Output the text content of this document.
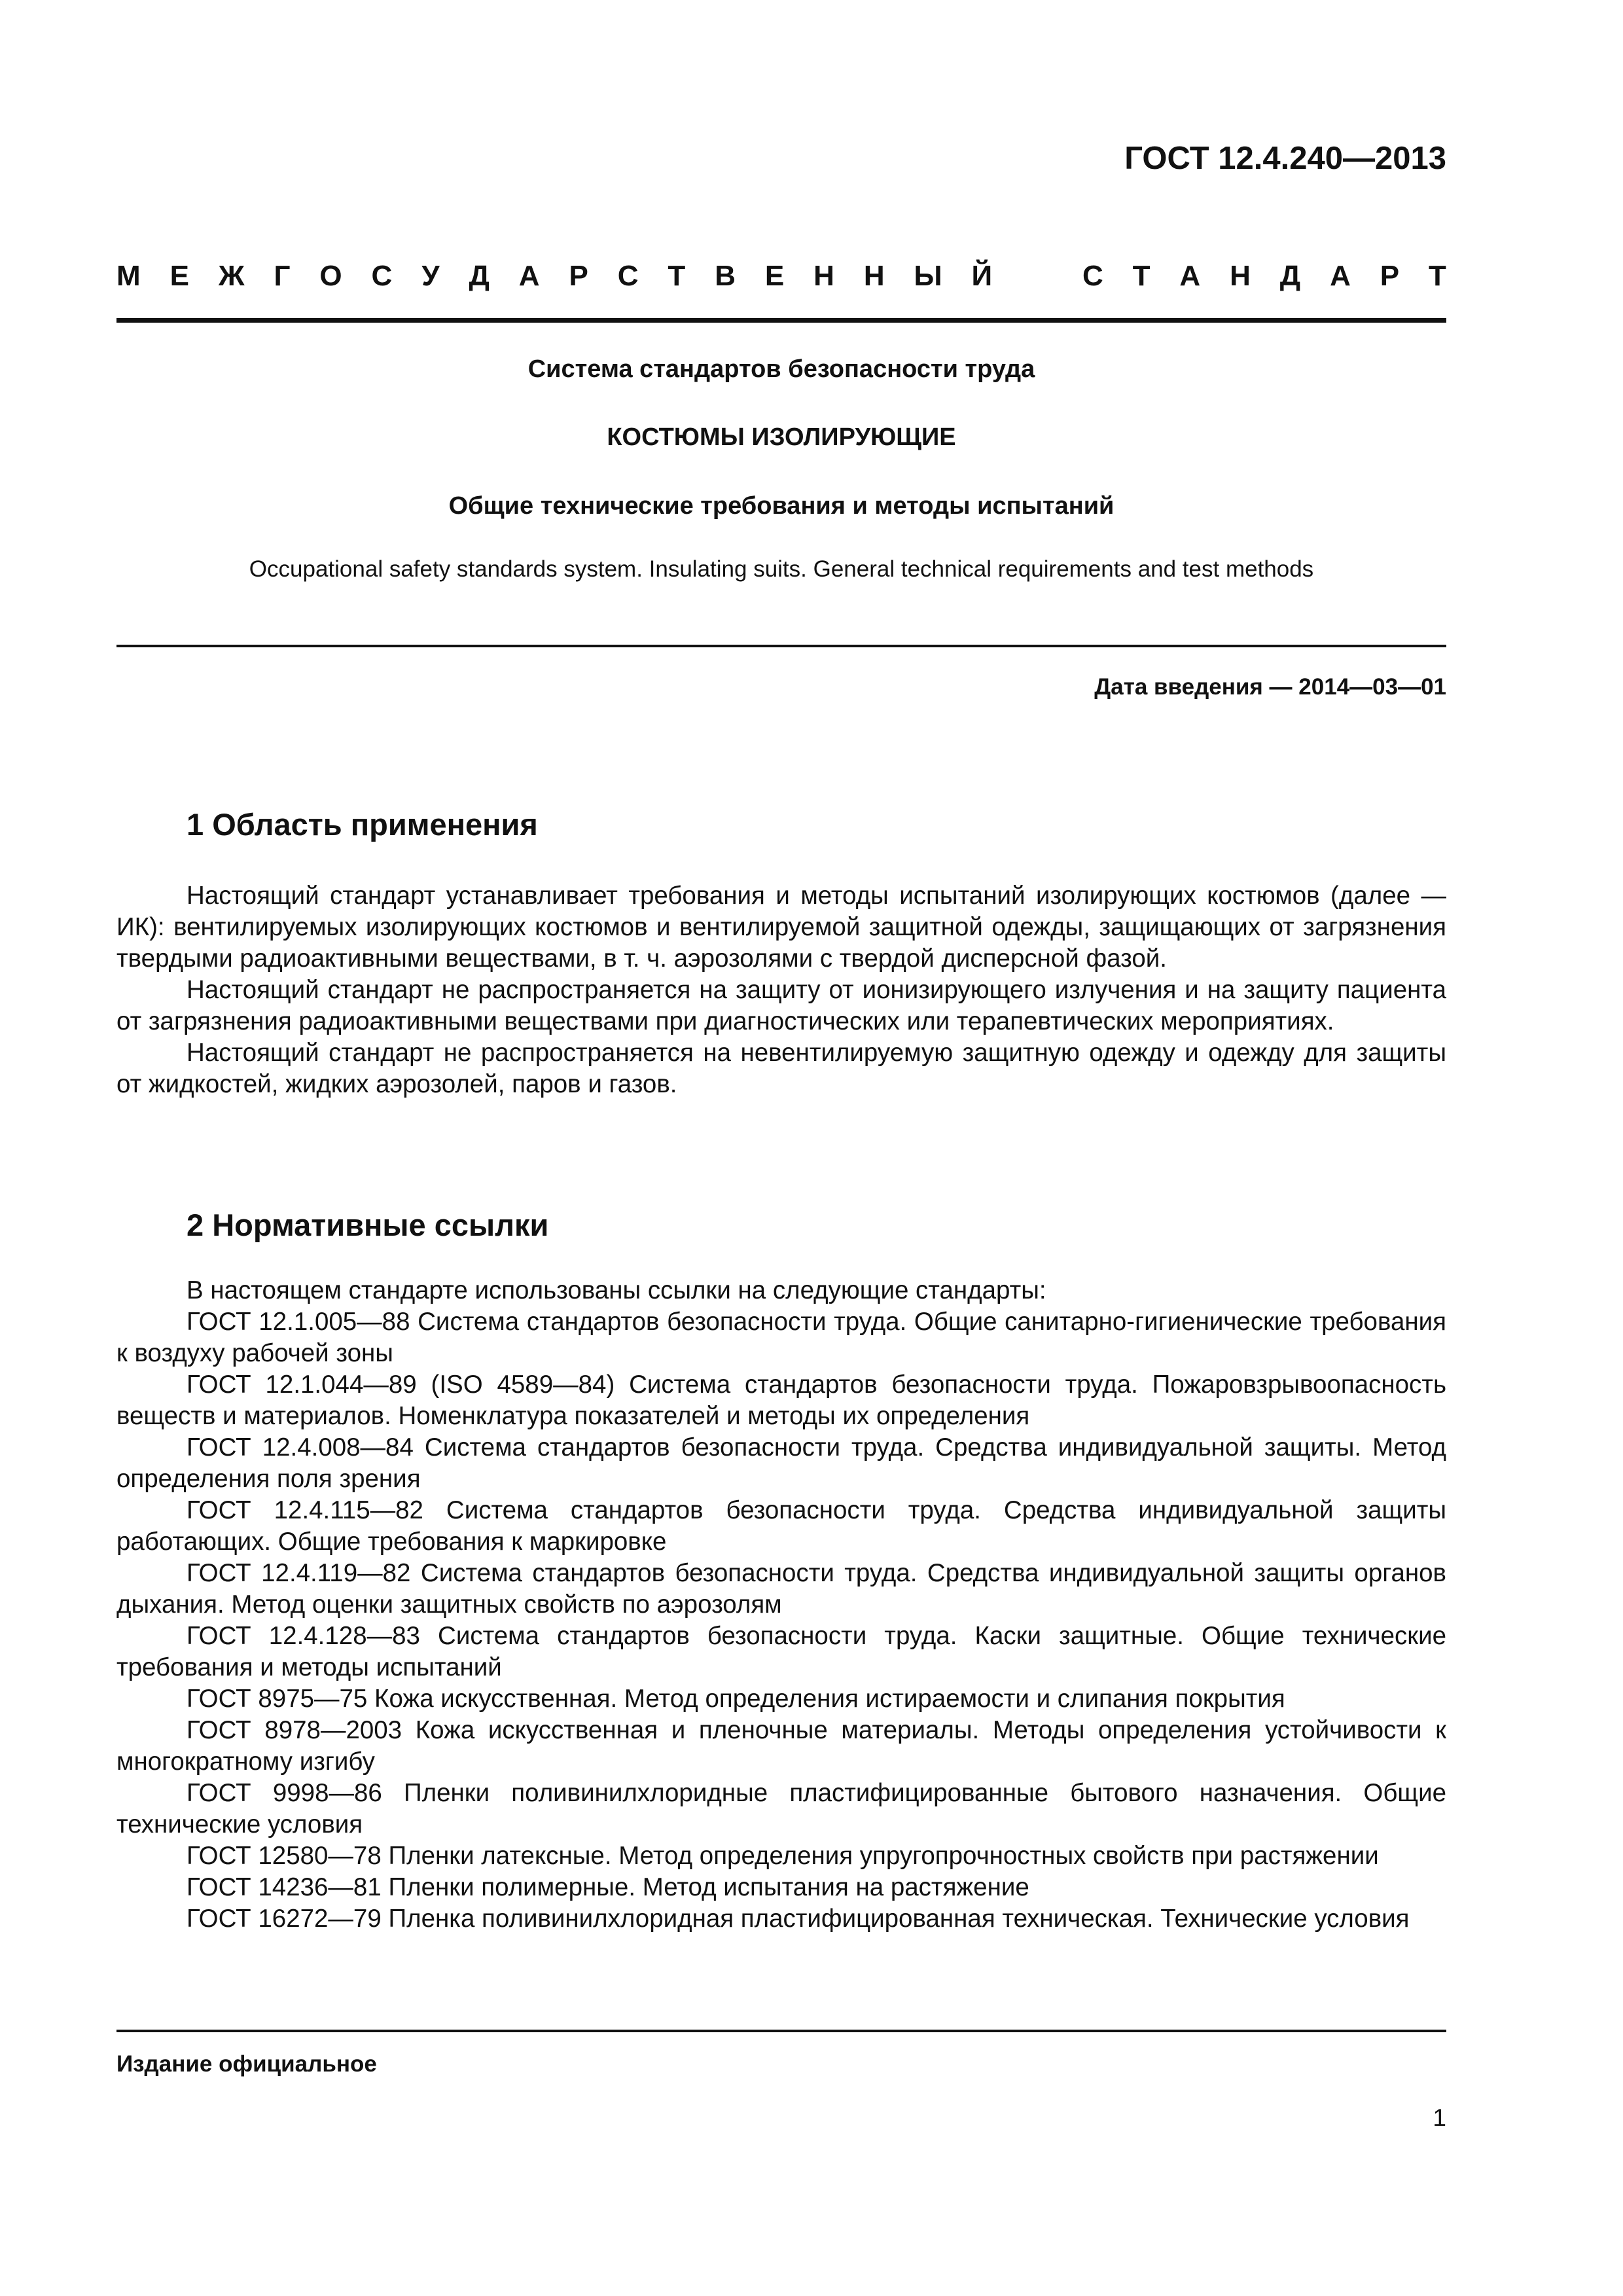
ГОСТ 12.4.240—2013
М Е Ж Г О С У Д А Р С Т В Е Н Н Ы Й	С Т А Н Д А Р Т
Система стандартов безопасности труда
КОСТЮМЫ ИЗОЛИРУЮЩИЕ
Общие технические требования и методы испытаний
Occupational safety standards system. Insulating suits. General technical requirements and test methods
Дата введения — 2014—03—01
1 Область применения

Настоящий стандарт устанавливает требования и методы испытаний изолирующих костюмов (далее — ИК): вентилируемых изолирующих костюмов и вентилируемой защитной одежды, защищающих от загрязнения твердыми радиоактивными веществами, в т. ч. аэрозолями с твердой дисперсной фазой.

Настоящий стандарт не распространяется на защиту от ионизирующего излучения и на защиту пациента от загрязнения радиоактивными веществами при диагностических или терапевтических мероприятиях.

Настоящий стандарт не распространяется на невентилируемую защитную одежду и одежду для защиты от жидкостей, жидких аэрозолей, паров и газов.

2 Нормативные ссылки

В настоящем стандарте использованы ссылки на следующие стандарты:

ГОСТ 12.1.005—88 Система стандартов безопасности труда. Общие санитарно-гигиенические требования к воздуху рабочей зоны

ГОСТ 12.1.044—89 (ISO 4589—84) Система стандартов безопасности труда. Пожаровзрывоопасность веществ и материалов. Номенклатура показателей и методы их определения

ГОСТ 12.4.008—84 Система стандартов безопасности труда. Средства индивидуальной защиты. Метод определения поля зрения

ГОСТ 12.4.115—82 Система стандартов безопасности труда. Средства индивидуальной защиты работающих. Общие требования к маркировке

ГОСТ 12.4.119—82 Система стандартов безопасности труда. Средства индивидуальной защиты органов дыхания. Метод оценки защитных свойств по аэрозолям

ГОСТ 12.4.128—83 Система стандартов безопасности труда. Каски защитные. Общие технические требования и методы испытаний

ГОСТ 8975—75 Кожа искусственная. Метод определения истираемости и слипания покрытия

ГОСТ 8978—2003 Кожа искусственная и пленочные материалы. Методы определения устойчивости к многократному изгибу

ГОСТ 9998—86 Пленки поливинилхлоридные пластифицированные бытового назначения. Общие технические условия

ГОСТ 12580—78 Пленки латексные. Метод определения упругопрочностных свойств при растяжении

ГОСТ 14236—81 Пленки полимерные. Метод испытания на растяжение

ГОСТ 16272—79 Пленка поливинилхлоридная пластифицированная техническая. Технические условия

Издание официальное
1
